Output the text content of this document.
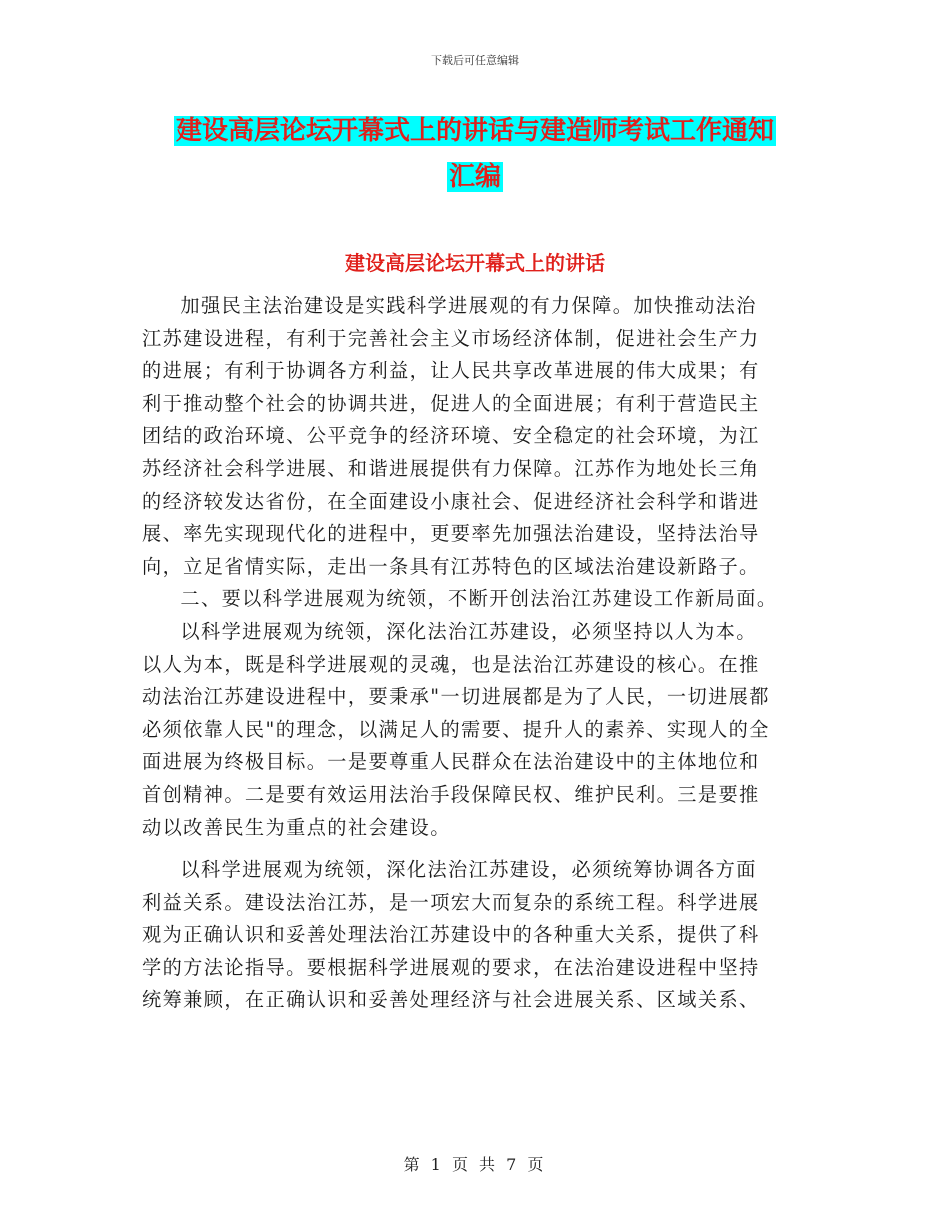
下载后可任意编辑
建设高层论坛开幕式上的讲话与建造师考试工作通知
汇编
建设高层论坛开幕式上的讲话

加强民主法治建设是实践科学进展观的有力保障。加快推动法治
江苏建设进程，有利于完善社会主义市场经济体制，促进社会生产力
的进展；有利于协调各方利益，让人民共享改革进展的伟大成果；有
利于推动整个社会的协调共进，促进人的全面进展；有利于营造民主
团结的政治环境、公平竞争的经济环境、安全稳定的社会环境，为江
苏经济社会科学进展、和谐进展提供有力保障。江苏作为地处长三角
的经济较发达省份，在全面建设小康社会、促进经济社会科学和谐进
展、率先实现现代化的进程中，更要率先加强法治建设，坚持法治导
向，立足省情实际，走出一条具有江苏特色的区域法治建设新路子。

二、要以科学进展观为统领，不断开创法治江苏建设工作新局面。

以科学进展观为统领，深化法治江苏建设，必须坚持以人为本。
以人为本，既是科学进展观的灵魂，也是法治江苏建设的核心。在推
动法治江苏建设进程中，要秉承"一切进展都是为了人民，一切进展都
必须依靠人民"的理念，以满足人的需要、提升人的素养、实现人的全
面进展为终极目标。一是要尊重人民群众在法治建设中的主体地位和
首创精神。二是要有效运用法治手段保障民权、维护民利。三是要推
动以改善民生为重点的社会建设。

以科学进展观为统领，深化法治江苏建设，必须统筹协调各方面
利益关系。建设法治江苏，是一项宏大而复杂的系统工程。科学进展
观为正确认识和妥善处理法治江苏建设中的各种重大关系，提供了科
学的方法论指导。要根据科学进展观的要求，在法治建设进程中坚持
统筹兼顾，在正确认识和妥善处理经济与社会进展关系、区域关系、

第 1 页 共 7 页
